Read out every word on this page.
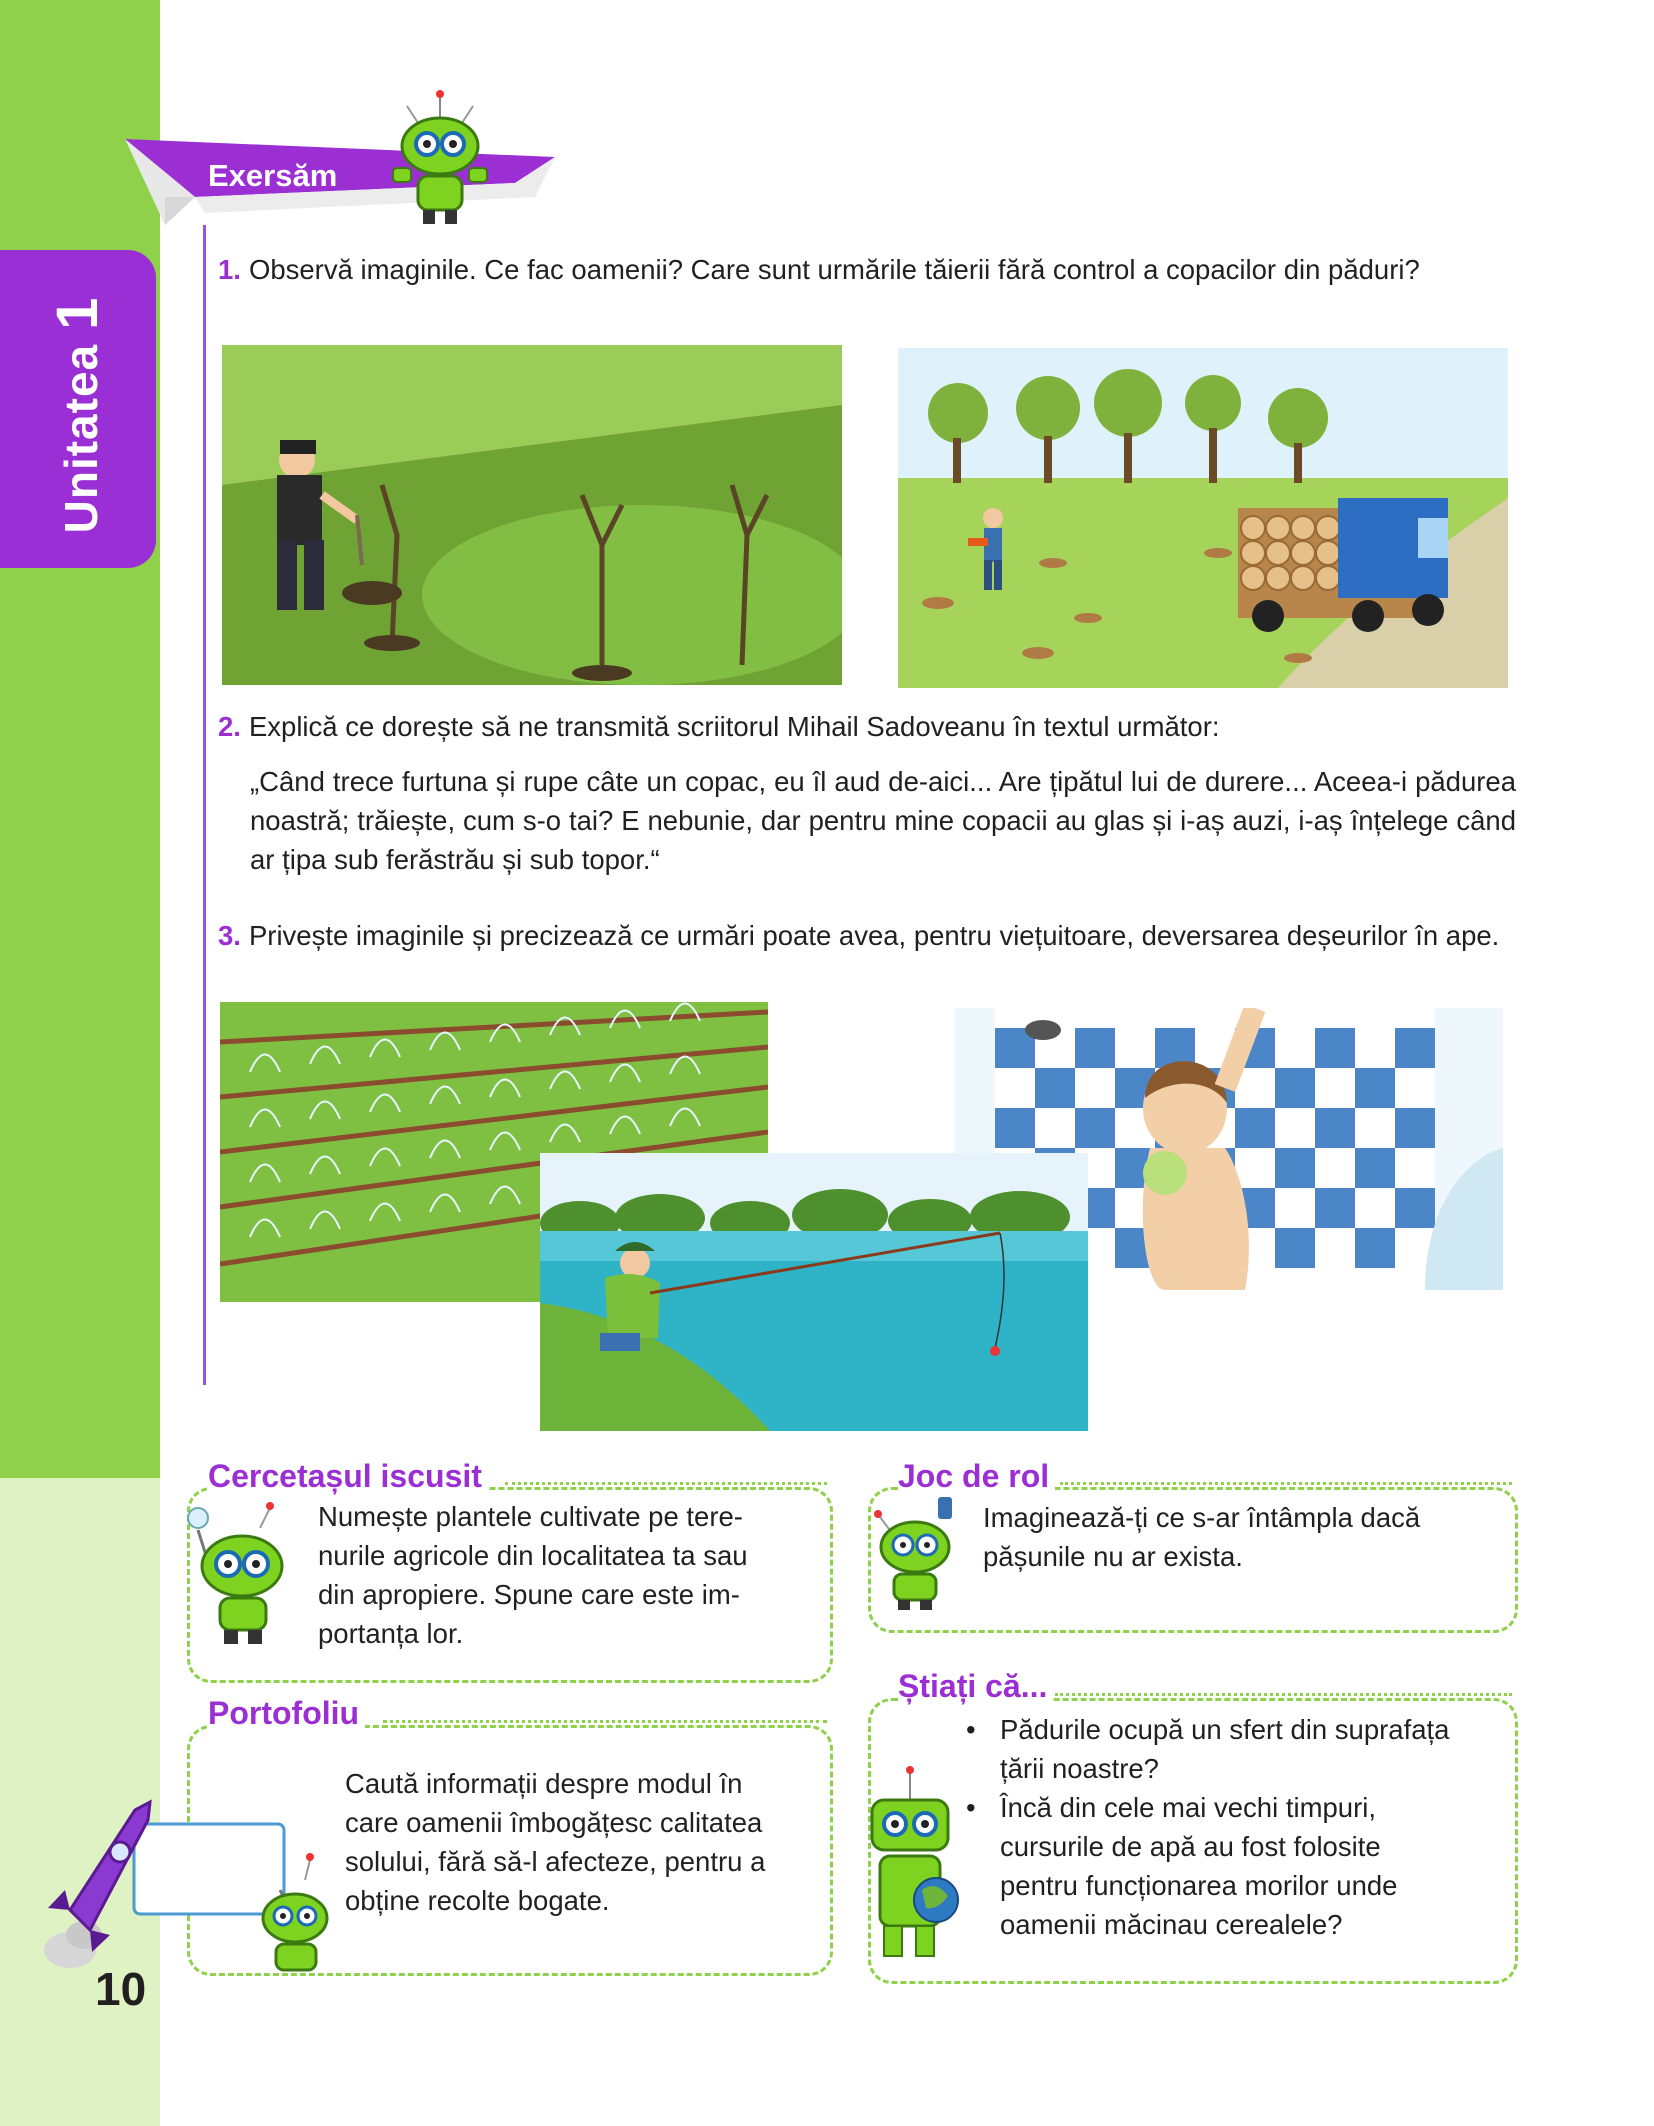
Unitatea1
Exersăm
1. Observă imaginile. Ce fac oamenii? Care sunt urmările tăierii fără control a copacilor din păduri?
2. Explică ce dorește să ne transmită scriitorul Mihail Sadoveanu în textul următor:
„Când trece furtuna și rupe câte un copac, eu îl aud de-aici... Are țipătul lui de durere... Aceea-i pădurea noastră; trăiește, cum s-o tai? E nebunie, dar pentru mine copacii au glas și i-aș auzi, i-aș înțelege când ar țipa sub ferăstrău și sub topor.“
3. Privește imaginile și precizează ce urmări poate avea, pentru viețuitoare, deversarea deșeurilor în ape.
Cercetașul iscusit
Numește plantele cultivate pe tere-
nurile agricole din localitatea ta sau
din apropiere. Spune care este im-
portanța lor.
Joc de rol
Imaginează-ți ce s-ar întâmpla dacă
pășunile nu ar exista.
Portofoliu
Caută informații despre modul în
care oamenii îmbogățesc calitatea
solului, fără să-l afecteze, pentru a
obține recolte bogate.
Știați că...
• Pădurile ocupă un sfert din suprafața
țării noastre?
• Încă din cele mai vechi timpuri,
cursurile de apă au fost folosite
pentru funcționarea morilor unde
oamenii măcinau cerealele?
10
